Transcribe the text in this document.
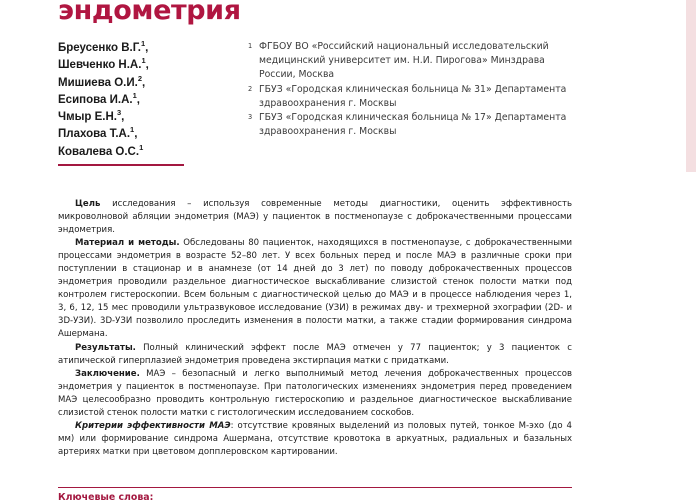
эндометрия
Бреусенко В.Г.$^1$,
Шевченко Н.А.$^1$,
Мишиева О.И.$^2$,
Есипова И.А.$^1$,
Чмыр Е.Н.$^3$,
Плахова Т.А.$^1$,
Ковалева О.С.$^1$
1 ФГБОУ ВО «Российский национальный исследовательский медицинский университет им. Н.И. Пирогова» Минздрава России, Москва
2 ГБУЗ «Городская клиническая больница № 31» Департамента здравоохранения г. Москвы
3 ГБУЗ «Городская клиническая больница № 17» Департамента здравоохранения г. Москвы

Цель исследования – используя современные методы диагностики, оценить эффективность микроволновой абляции эндометрия (МАЭ) у пациенток в постменопаузе с доброкачественными процессами эндометрия.

Материал и методы. Обследованы 80 пациенток, находящихся в постменопаузе, с доброкачественными процессами эндометрия в возрасте 52–80 лет. У всех больных перед и после МАЭ в различные сроки при поступлении в стационар и в анамнезе (от 14 дней до 3 лет) по поводу доброкачественных процессов эндометрия проводили раздельное диагностическое выскабливание слизистой стенок полости матки под контролем гистероскопии. Всем больным с диагностической целью до МАЭ и в процессе наблюдения через 1, 3, 6, 12, 15 мес проводили ультразвуковое исследование (УЗИ) в режимах дву- и трехмерной эхографии (2D- и 3D-УЗИ). 3D-УЗИ позволило проследить изменения в полости матки, а также стадии формирования синдрома Ашермана.

Результаты. Полный клинический эффект после МАЭ отмечен у 77 пациенток; у 3 пациенток с атипической гиперплазией эндометрия проведена экстирпация матки с придатками.

Заключение. МАЭ – безопасный и легко выполнимый метод лечения доброкачественных процессов эндометрия у пациенток в постменопаузе. При патологических изменениях эндометрия перед проведением МАЭ целесообразно проводить контрольную гистероскопию и раздельное диагностическое выскабливание слизистой стенок полости матки с гистологическим исследованием соскобов.

Критерии эффективности МАЭ: отсутствие кровяных выделений из половых путей, тонкое М-эхо (до 4 мм) или формирование синдрома Ашермана, отсутствие кровотока в аркуатных, радиальных и базальных артериях матки при цветовом допплеровском картировании.

Ключевые слова:
